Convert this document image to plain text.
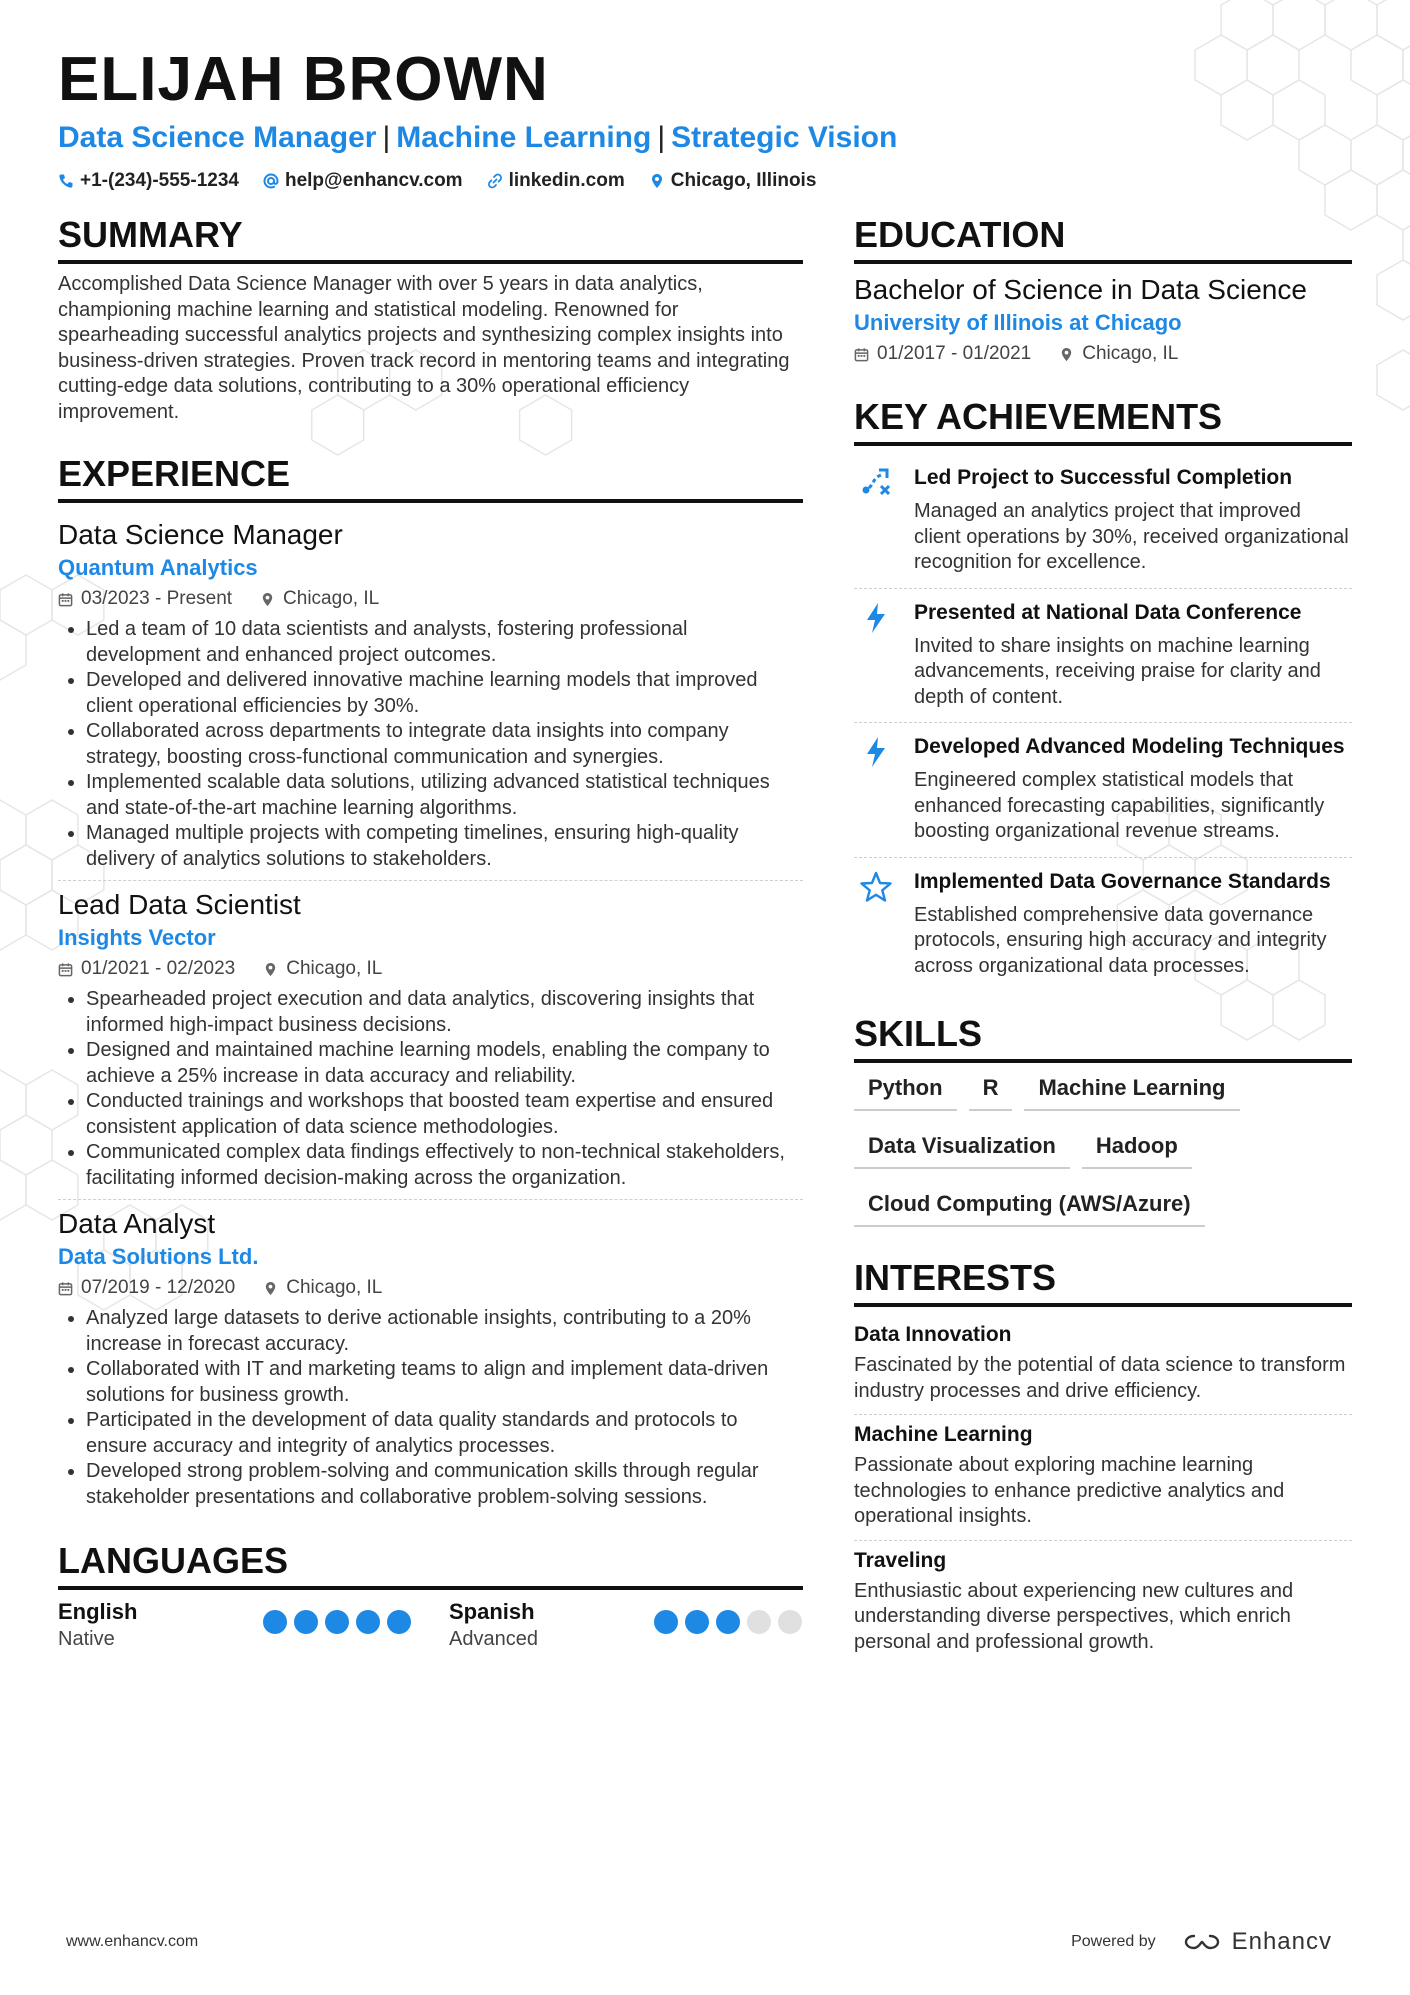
ELIJAH BROWN
Data Science Manager | Machine Learning | Strategic Vision
+1-(234)-555-1234 help@enhancv.com linkedin.com Chicago, Illinois
SUMMARY

Accomplished Data Science Manager with over 5 years in data analytics, championing machine learning and statistical modeling. Renowned for spearheading successful analytics projects and synthesizing complex insights into business-driven strategies. Proven track record in mentoring teams and integrating cutting-edge data solutions, contributing to a 30% operational efficiency improvement.

EXPERIENCE
Data Science Manager
Quantum Analytics
03/2023 - Present	Chicago, IL
• Led a team of 10 data scientists and analysts, fostering professional development and enhanced project outcomes.
• Developed and delivered innovative machine learning models that improved client operational efficiencies by 30%.
• Collaborated across departments to integrate data insights into company strategy, boosting cross-functional communication and synergies.
• Implemented scalable data solutions, utilizing advanced statistical techniques and state-of-the-art machine learning algorithms.
• Managed multiple projects with competing timelines, ensuring high-quality delivery of analytics solutions to stakeholders.
Lead Data Scientist
Insights Vector
01/2021 - 02/2023	Chicago, IL
• Spearheaded project execution and data analytics, discovering insights that informed high-impact business decisions.
• Designed and maintained machine learning models, enabling the company to achieve a 25% increase in data accuracy and reliability.
• Conducted trainings and workshops that boosted team expertise and ensured consistent application of data science methodologies.
• Communicated complex data findings effectively to non-technical stakeholders, facilitating informed decision-making across the organization.
Data Analyst
Data Solutions Ltd.
07/2019 - 12/2020	Chicago, IL
• Analyzed large datasets to derive actionable insights, contributing to a 20% increase in forecast accuracy.
• Collaborated with IT and marketing teams to align and implement data-driven solutions for business growth.
• Participated in the development of data quality standards and protocols to ensure accuracy and integrity of analytics processes.
• Developed strong problem-solving and communication skills through regular stakeholder presentations and collaborative problem-solving sessions.
LANGUAGES
English
Native
Spanish
Advanced
EDUCATION
Bachelor of Science in Data Science
University of Illinois at Chicago
01/2017 - 01/2021	Chicago, IL
KEY ACHIEVEMENTS
Led Project to Successful Completion
Managed an analytics project that improved client operations by 30%, received organizational recognition for excellence.
Presented at National Data Conference
Invited to share insights on machine learning advancements, receiving praise for clarity and depth of content.
Developed Advanced Modeling Techniques
Engineered complex statistical models that enhanced forecasting capabilities, significantly boosting organizational revenue streams.
Implemented Data Governance Standards
Established comprehensive data governance protocols, ensuring high accuracy and integrity across organizational data processes.
SKILLS
Python	R	Machine Learning
Data Visualization	Hadoop
Cloud Computing (AWS/Azure)
INTERESTS
Data Innovation
Fascinated by the potential of data science to transform industry processes and drive efficiency.
Machine Learning
Passionate about exploring machine learning technologies to enhance predictive analytics and operational insights.
Traveling
Enthusiastic about experiencing new cultures and understanding diverse perspectives, which enrich personal and professional growth.
www.enhancv.com	Powered by	Enhancv
